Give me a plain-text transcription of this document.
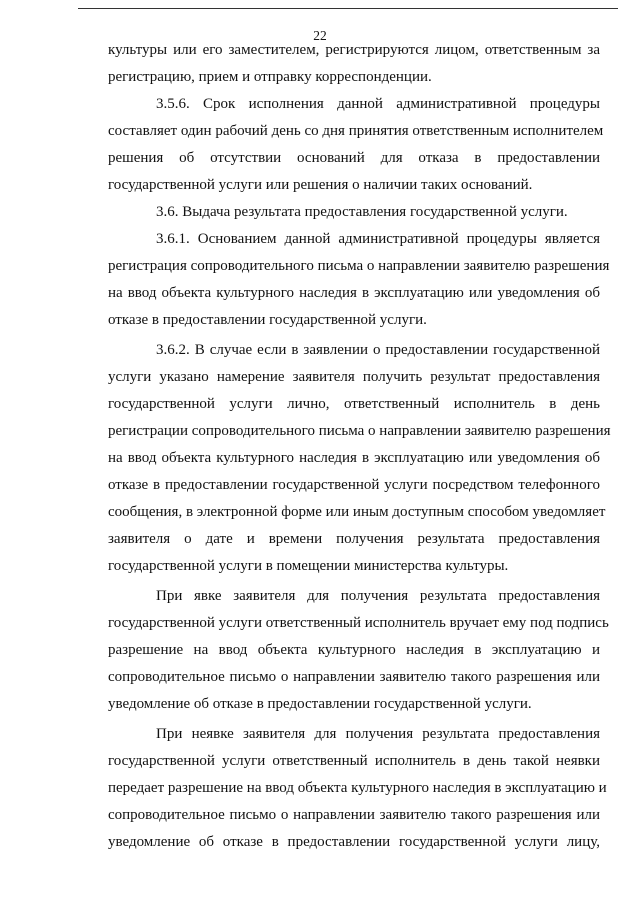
22
культуры или его заместителем, регистрируются лицом, ответственным за
регистрацию, прием и отправку корреспонденции.
3.5.6. Срок исполнения данной административной процедуры
составляет один рабочий день со дня принятия ответственным исполнителем
решения об отсутствии оснований для отказа в предоставлении
государственной услуги или решения о наличии таких оснований.
3.6. Выдача результата предоставления государственной услуги.
3.6.1. Основанием данной административной процедуры является
регистрация сопроводительного письма о направлении заявителю разрешения
на ввод объекта культурного наследия в эксплуатацию или уведомления об
отказе в предоставлении государственной услуги.
3.6.2. В случае если в заявлении о предоставлении государственной
услуги указано намерение заявителя получить результат предоставления
государственной услуги лично, ответственный исполнитель в день
регистрации сопроводительного письма о направлении заявителю разрешения
на ввод объекта культурного наследия в эксплуатацию или уведомления об
отказе в предоставлении государственной услуги посредством телефонного
сообщения, в электронной форме или иным доступным способом уведомляет
заявителя о дате и времени получения результата предоставления
государственной услуги в помещении министерства культуры.
При явке заявителя для получения результата предоставления
государственной услуги ответственный исполнитель вручает ему под подпись
разрешение на ввод объекта культурного наследия в эксплуатацию и
сопроводительное письмо о направлении заявителю такого разрешения или
уведомление об отказе в предоставлении государственной услуги.
При неявке заявителя для получения результата предоставления
государственной услуги ответственный исполнитель в день такой неявки
передает разрешение на ввод объекта культурного наследия в эксплуатацию и
сопроводительное письмо о направлении заявителю такого разрешения или
уведомление об отказе в предоставлении государственной услуги лицу,
